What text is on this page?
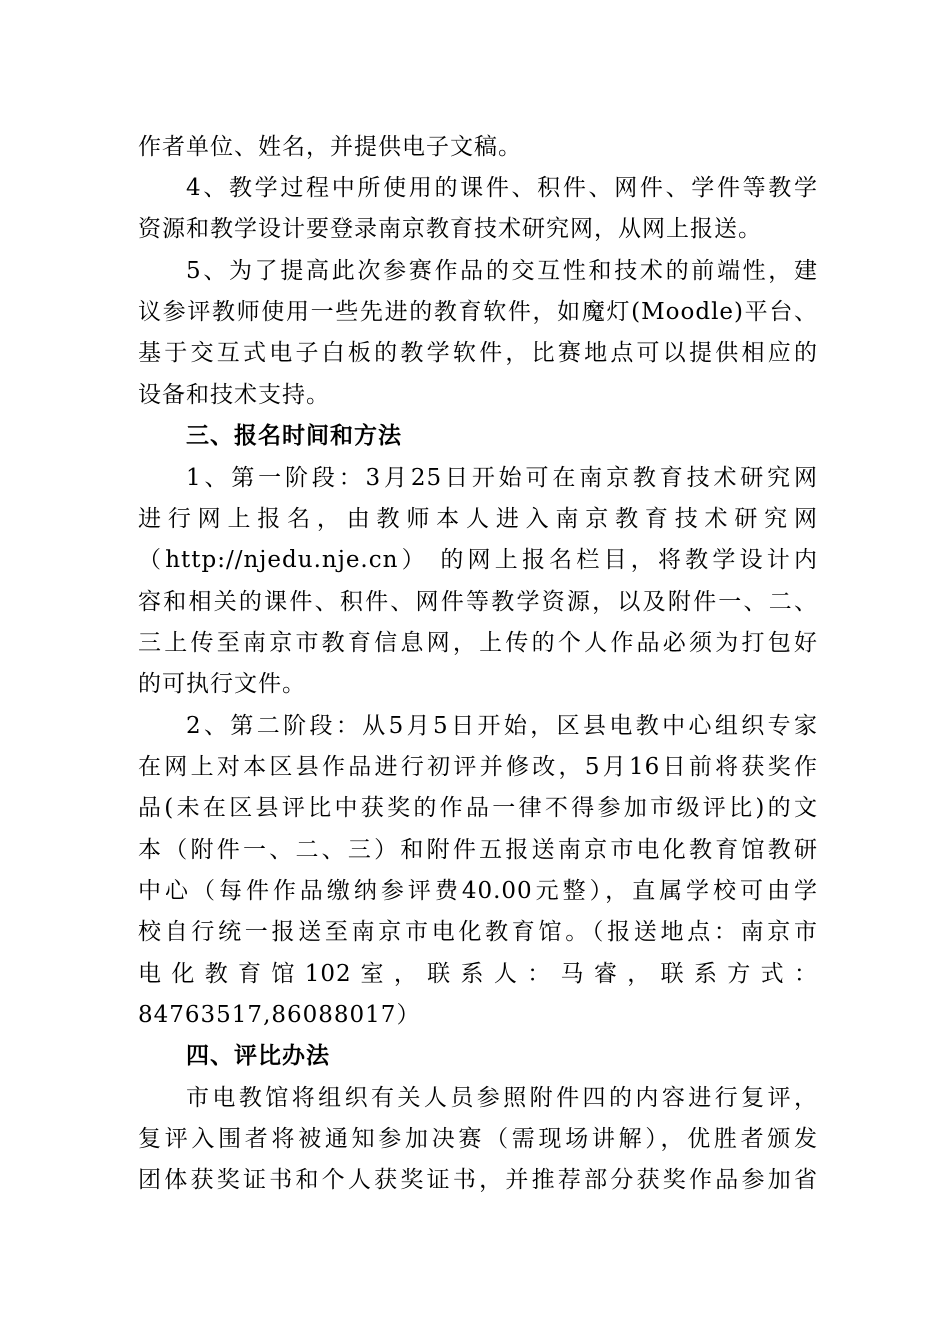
作者单位、姓名，并提供电子文稿。
4、教学过程中所使用的课件、积件、网件、学件等教学
资源和教学设计要登录南京教育技术研究网，从网上报送。
5、为了提高此次参赛作品的交互性和技术的前端性，建
议参评教师使用一些先进的教育软件，如魔灯(Moodle)平台、
基于交互式电子白板的教学软件，比赛地点可以提供相应的
设备和技术支持。
三、报名时间和方法
1、第一阶段：3月25日开始可在南京教育技术研究网
进行网上报名，由教师本人进入南京教育技术研究网
（http://njedu.nje.cn） 的网上报名栏目，将教学设计内
容和相关的课件、积件、网件等教学资源，以及附件一、二、
三上传至南京市教育信息网，上传的个人作品必须为打包好
的可执行文件。
2、第二阶段：从5月5日开始，区县电教中心组织专家
在网上对本区县作品进行初评并修改，5月16日前将获奖作
品(未在区县评比中获奖的作品一律不得参加市级评比)的文
本（附件一、二、三）和附件五报送南京市电化教育馆教研
中心（每件作品缴纳参评费40.00元整），直属学校可由学
校自行统一报送至南京市电化教育馆。（报送地点：南京市
电 化 教 育 馆 102 室 ， 联 系 人 ： 马 睿 ， 联 系 方 式 ：
84763517,86088017）
四、评比办法
市电教馆将组织有关人员参照附件四的内容进行复评，
复评入围者将被通知参加决赛（需现场讲解），优胜者颁发
团体获奖证书和个人获奖证书，并推荐部分获奖作品参加省
